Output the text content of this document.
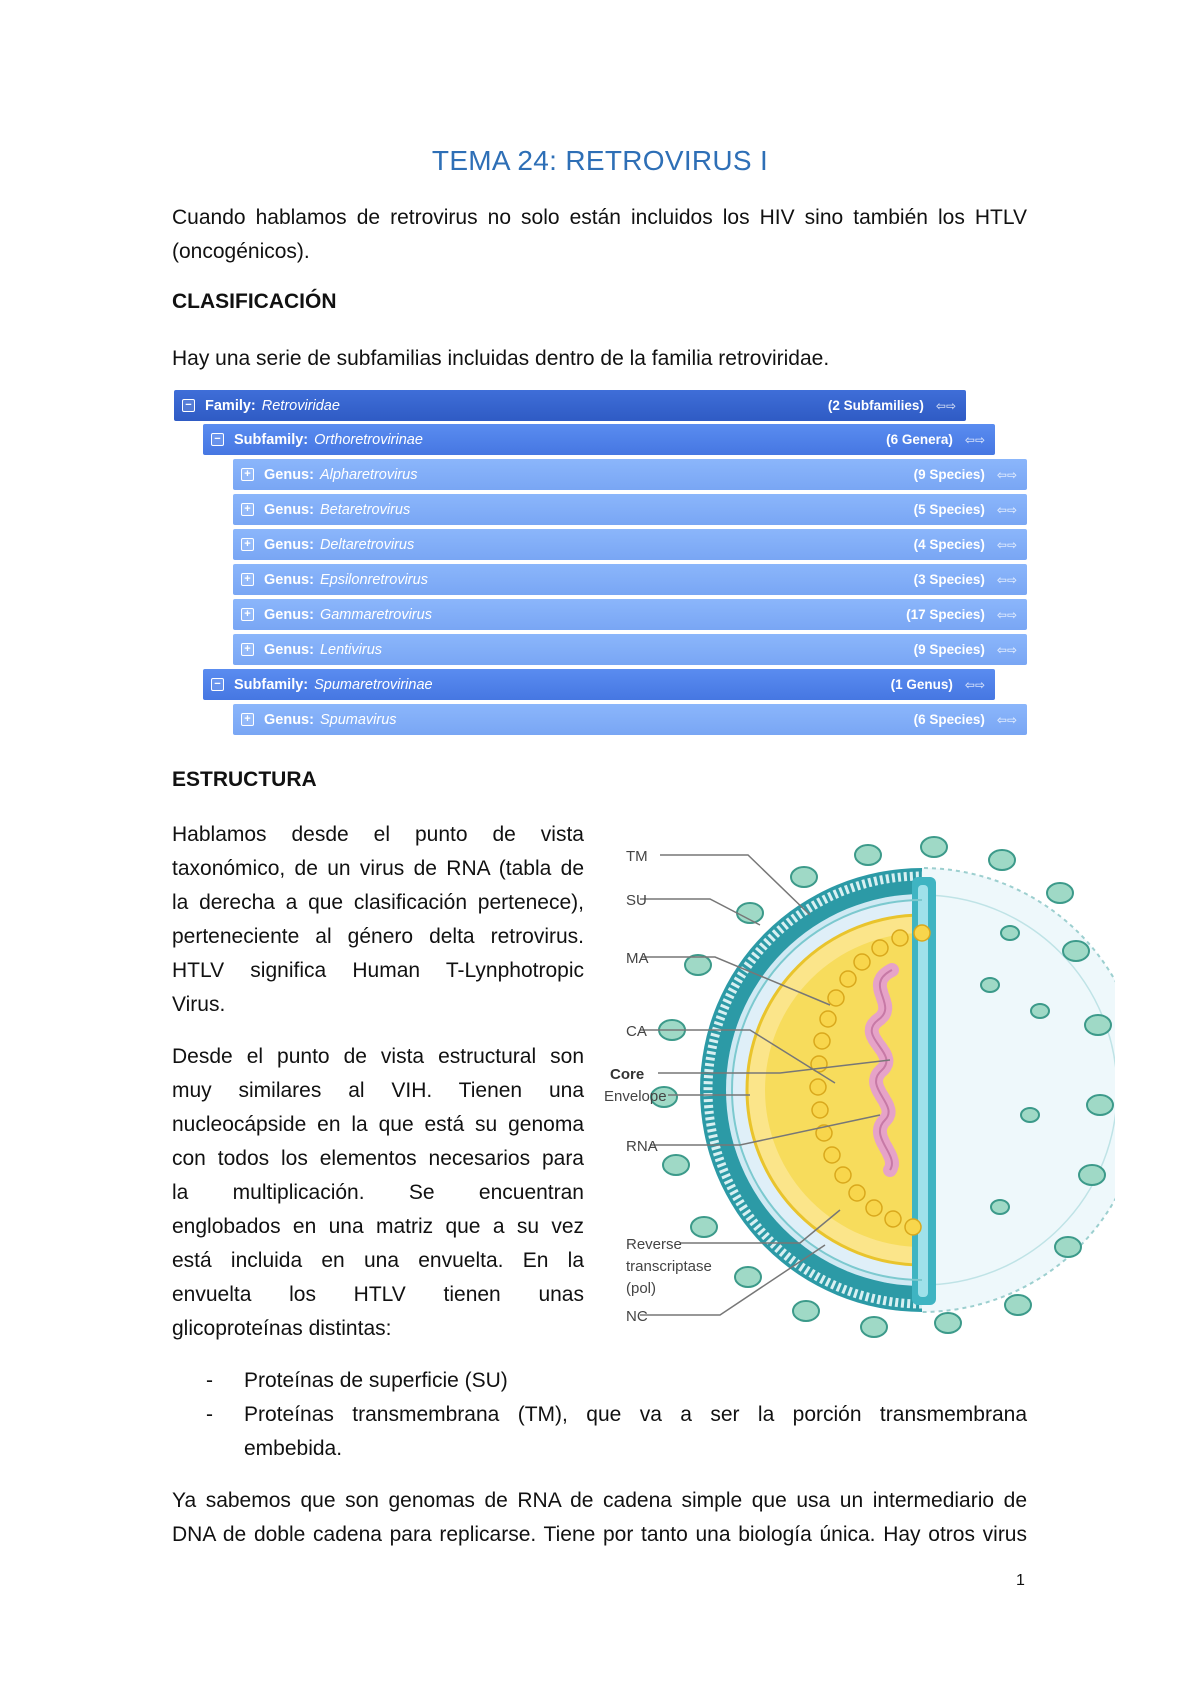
TEMA 24: RETROVIRUS I

Cuando hablamos de retrovirus no solo están incluidos los HIV sino también los HTLV

(oncogénicos).

CLASIFICACIÓN

Hay una serie de subfamilias incluidas dentro de la familia retroviridae.

− Family: Retroviridae	(2 Subfamilies) ⇦⇨
− Subfamily: Orthoretrovirinae	(6 Genera) ⇦⇨
+ Genus: Alpharetrovirus	(9 Species) ⇦⇨
+ Genus: Betaretrovirus	(5 Species) ⇦⇨
+ Genus: Deltaretrovirus	(4 Species) ⇦⇨
+ Genus: Epsilonretrovirus	(3 Species) ⇦⇨
+ Genus: Gammaretrovirus	(17 Species) ⇦⇨
+ Genus: Lentivirus	(9 Species) ⇦⇨
− Subfamily: Spumaretrovirinae	(1 Genus) ⇦⇨
+ Genus: Spumavirus	(6 Species) ⇦⇨
ESTRUCTURA

Hablamos desde el punto de vista

taxonómico, de un virus de RNA (tabla de

la derecha a que clasificación pertenece),

perteneciente al género delta retrovirus.

HTLV significa Human T-Lynphotropic

Virus.

Desde el punto de vista estructural son

muy similares al VIH. Tienen una

nucleocápside en la que está su genoma

con todos los elementos necesarios para

la multiplicación. Se encuentran

englobados en una matriz que a su vez

está incluida en una envuelta. En la

envuelta los HTLV tienen unas

glicoproteínas distintas:

- Proteínas de superficie (SU)

- Proteínas transmembrana (TM), que va a ser la porción transmembrana

embebida.

Ya sabemos que son genomas de RNA de cadena simple que usa un intermediario de

DNA de doble cadena para replicarse. Tiene por tanto una biología única. Hay otros virus

1
TM
SU
MA
CA
Core
Envelope
RNA
Reverse
transcriptase
(pol)
NC
